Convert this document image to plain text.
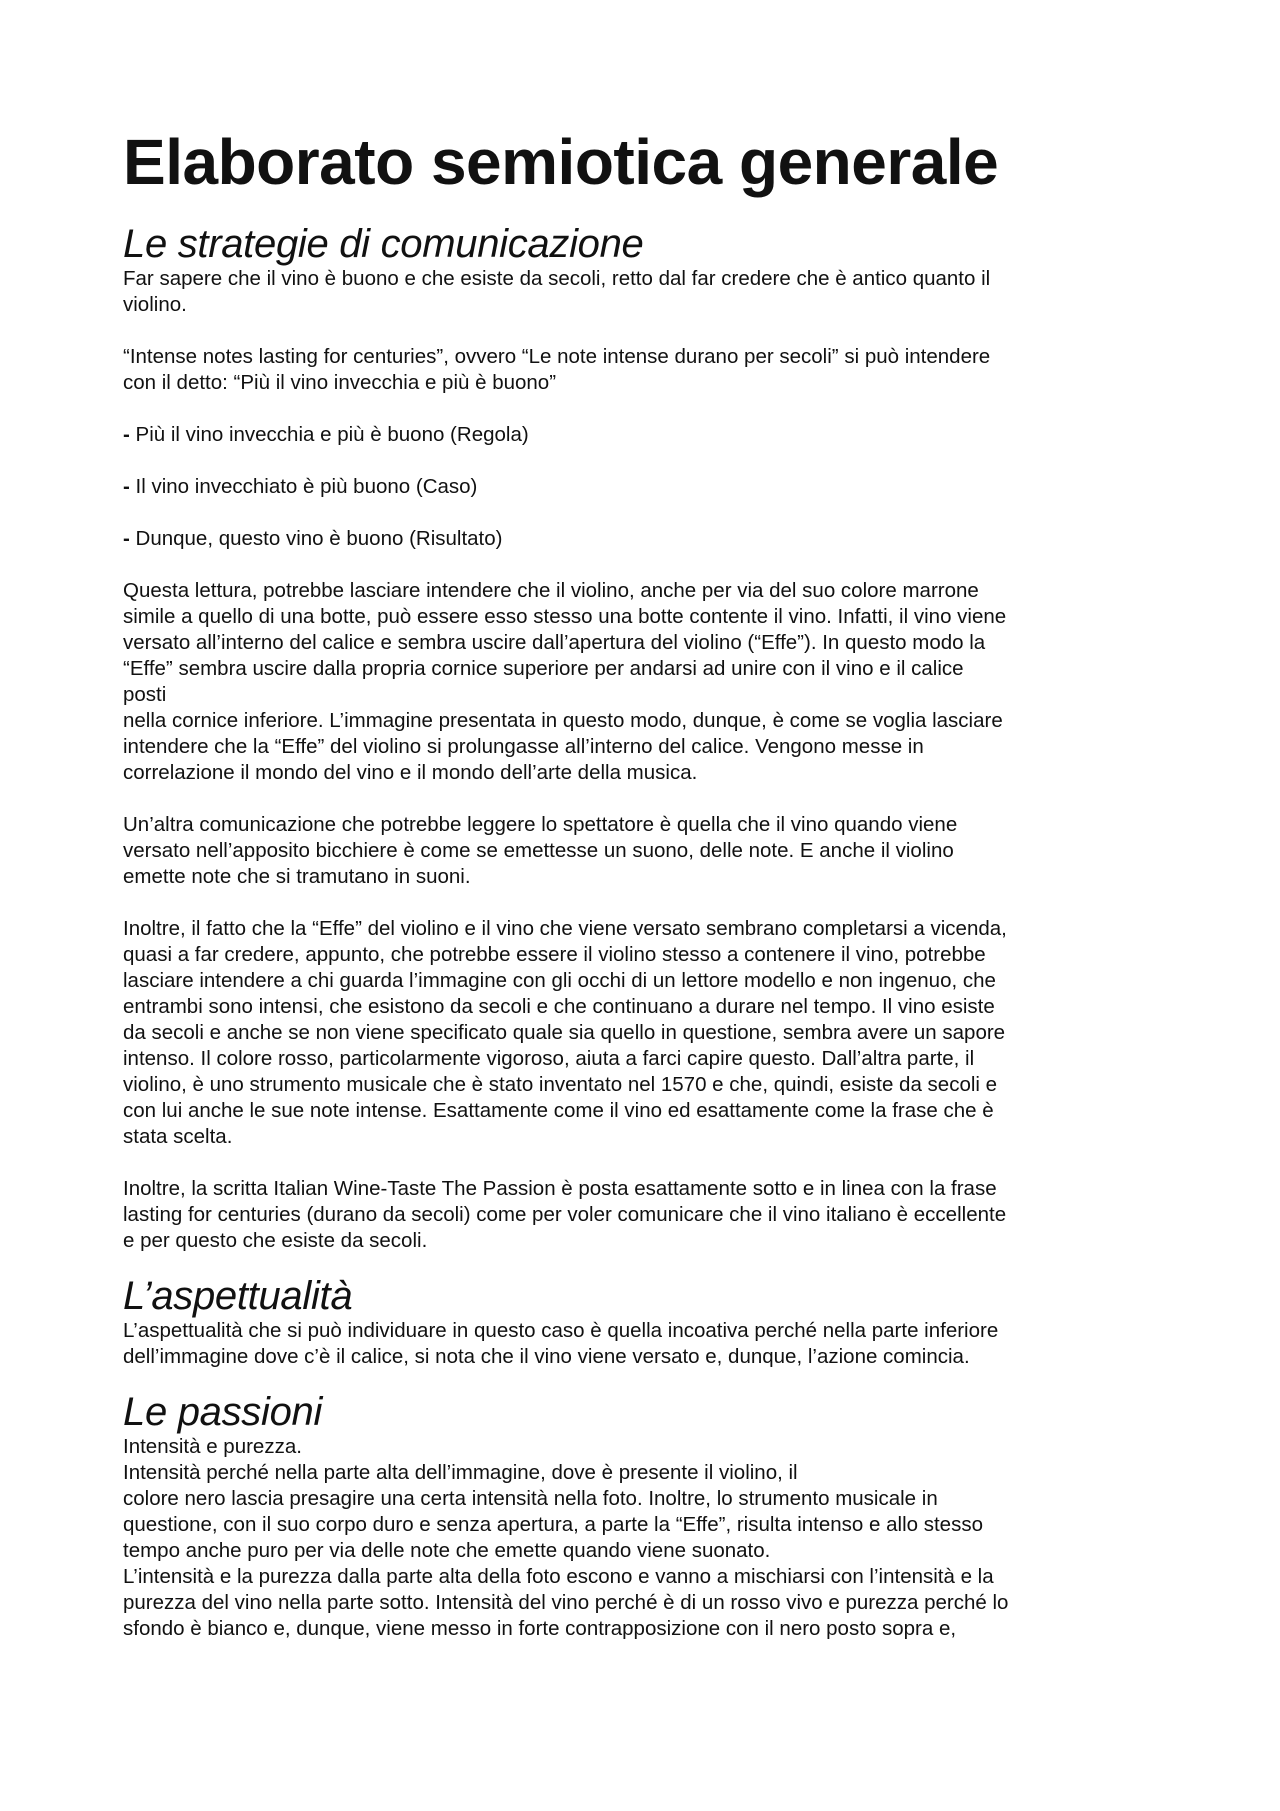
Elaborato semiotica generale
Le strategie di comunicazione

Far sapere che il vino è buono e che esiste da secoli, retto dal far credere che è antico quanto il
violino.

“Intense notes lasting for centuries”, ovvero “Le note intense durano per secoli” si può intendere
con il detto: “Più il vino invecchia e più è buono”

- Più il vino invecchia e più è buono (Regola)

- Il vino invecchiato è più buono (Caso)

- Dunque, questo vino è buono (Risultato)

Questa lettura, potrebbe lasciare intendere che il violino, anche per via del suo colore marrone
simile a quello di una botte, può essere esso stesso una botte contente il vino. Infatti, il vino viene
versato all’interno del calice e sembra uscire dall’apertura del violino (“Effe”). In questo modo la
“Effe” sembra uscire dalla propria cornice superiore per andarsi ad unire con il vino e il calice
posti
nella cornice inferiore. L’immagine presentata in questo modo, dunque, è come se voglia lasciare
intendere che la “Effe” del violino si prolungasse all’interno del calice. Vengono messe in
correlazione il mondo del vino e il mondo dell’arte della musica.

Un’altra comunicazione che potrebbe leggere lo spettatore è quella che il vino quando viene
versato nell’apposito bicchiere è come se emettesse un suono, delle note. E anche il violino
emette note che si tramutano in suoni.

Inoltre, il fatto che la “Effe” del violino e il vino che viene versato sembrano completarsi a vicenda,
quasi a far credere, appunto, che potrebbe essere il violino stesso a contenere il vino, potrebbe
lasciare intendere a chi guarda l’immagine con gli occhi di un lettore modello e non ingenuo, che
entrambi sono intensi, che esistono da secoli e che continuano a durare nel tempo. Il vino esiste
da secoli e anche se non viene specificato quale sia quello in questione, sembra avere un sapore
intenso. Il colore rosso, particolarmente vigoroso, aiuta a farci capire questo. Dall’altra parte, il
violino, è uno strumento musicale che è stato inventato nel 1570 e che, quindi, esiste da secoli e
con lui anche le sue note intense. Esattamente come il vino ed esattamente come la frase che è
stata scelta.

Inoltre, la scritta Italian Wine-Taste The Passion è posta esattamente sotto e in linea con la frase
lasting for centuries (durano da secoli) come per voler comunicare che il vino italiano è eccellente
e per questo che esiste da secoli.

L’aspettualità

L’aspettualità che si può individuare in questo caso è quella incoativa perché nella parte inferiore
dell’immagine dove c’è il calice, si nota che il vino viene versato e, dunque, l’azione comincia.

Le passioni

Intensità e purezza.
Intensità perché nella parte alta dell’immagine, dove è presente il violino, il
colore nero lascia presagire una certa intensità nella foto. Inoltre, lo strumento musicale in
questione, con il suo corpo duro e senza apertura, a parte la “Effe”, risulta intenso e allo stesso
tempo anche puro per via delle note che emette quando viene suonato.
L’intensità e la purezza dalla parte alta della foto escono e vanno a mischiarsi con l’intensità e la
purezza del vino nella parte sotto. Intensità del vino perché è di un rosso vivo e purezza perché lo
sfondo è bianco e, dunque, viene messo in forte contrapposizione con il nero posto sopra e,
